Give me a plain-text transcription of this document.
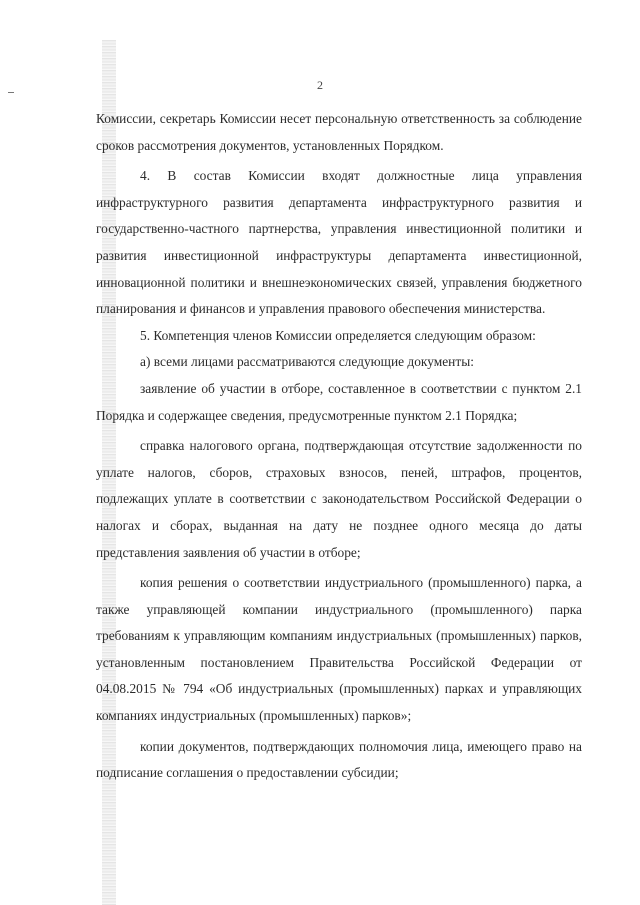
2

Комиссии, секретарь Комиссии несет персональную ответственность за соблюдение сроков рассмотрения документов, установленных Порядком.

4. В состав Комиссии входят должностные лица управления инфраструктурного развития департамента инфраструктурного развития и государственно-частного партнерства, управления инвестиционной политики и развития инвестиционной инфраструктуры департамента инвестиционной, инновационной политики и внешнеэкономических связей, управления бюджетного планирования и финансов и управления правового обеспечения министерства.

5. Компетенция членов Комиссии определяется следующим образом:

а) всеми лицами рассматриваются следующие документы:

заявление об участии в отборе, составленное в соответствии с пунктом 2.1 Порядка и содержащее сведения, предусмотренные пунктом 2.1 Порядка;

справка налогового органа, подтверждающая отсутствие задолженности по уплате налогов, сборов, страховых взносов, пеней, штрафов, процентов, подлежащих уплате в соответствии с законодательством Российской Федерации о налогах и сборах, выданная на дату не позднее одного месяца до даты представления заявления об участии в отборе;

копия решения о соответствии индустриального (промышленного) парка, а также управляющей компании индустриального (промышленного) парка требованиям к управляющим компаниям индустриальных (промышленных) парков, установленным постановлением Правительства Российской Федерации от 04.08.2015 № 794 «Об индустриальных (промышленных) парках и управляющих компаниях индустриальных (промышленных) парков»;

копии документов, подтверждающих полномочия лица, имеющего право на подписание соглашения о предоставлении субсидии;
